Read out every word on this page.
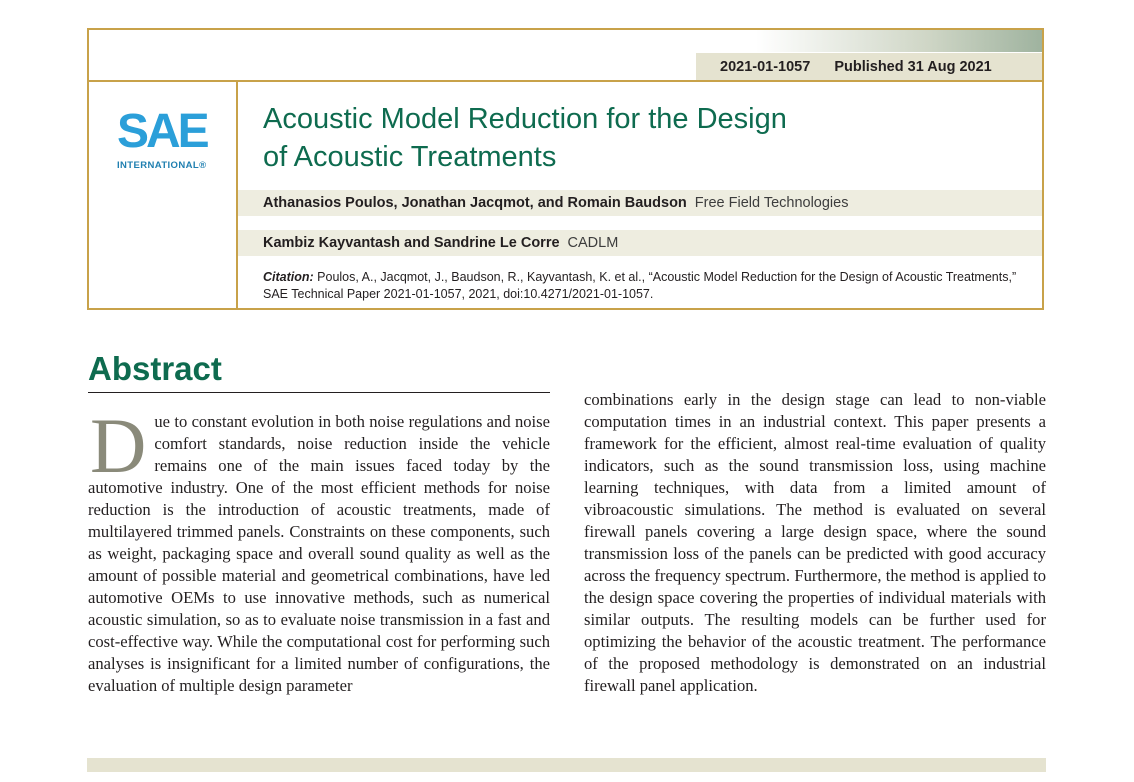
2021-01-1057 Published 31 Aug 2021
SAE
INTERNATIONAL®
Acoustic Model Reduction for the Design
of Acoustic Treatments
Athanasios Poulos, Jonathan Jacqmot, and Romain Baudson Free Field Technologies
Kambiz Kayvantash and Sandrine Le Corre CADLM
Citation: Poulos, A., Jacqmot, J., Baudson, R., Kayvantash, K. et al., “Acoustic Model Reduction for the Design of Acoustic Treatments,” SAE Technical Paper 2021-01-1057, 2021, doi:10.4271/2021-01-1057.
Abstract
Due to constant evolution in both noise regulations and noise comfort standards, noise reduction inside the vehicle remains one of the main issues faced today by the automotive industry. One of the most efficient methods for noise reduction is the introduction of acoustic treatments, made of multilayered trimmed panels. Constraints on these components, such as weight, packaging space and overall sound quality as well as the amount of possible material and geometrical combinations, have led automotive OEMs to use innovative methods, such as numerical acoustic simulation, so as to evaluate noise transmission in a fast and cost-effective way. While the computational cost for performing such analyses is insignificant for a limited number of configurations, the evaluation of multiple design parameter
combinations early in the design stage can lead to non-viable computation times in an industrial context. This paper presents a framework for the efficient, almost real-time evaluation of quality indicators, such as the sound transmission loss, using machine learning techniques, with data from a limited amount of vibroacoustic simulations. The method is evaluated on several firewall panels covering a large design space, where the sound transmission loss of the panels can be predicted with good accuracy across the frequency spectrum. Furthermore, the method is applied to the design space covering the properties of individual materials with similar outputs. The resulting models can be further used for optimizing the behavior of the acoustic treatment. The performance of the proposed methodology is demonstrated on an industrial firewall panel application.
